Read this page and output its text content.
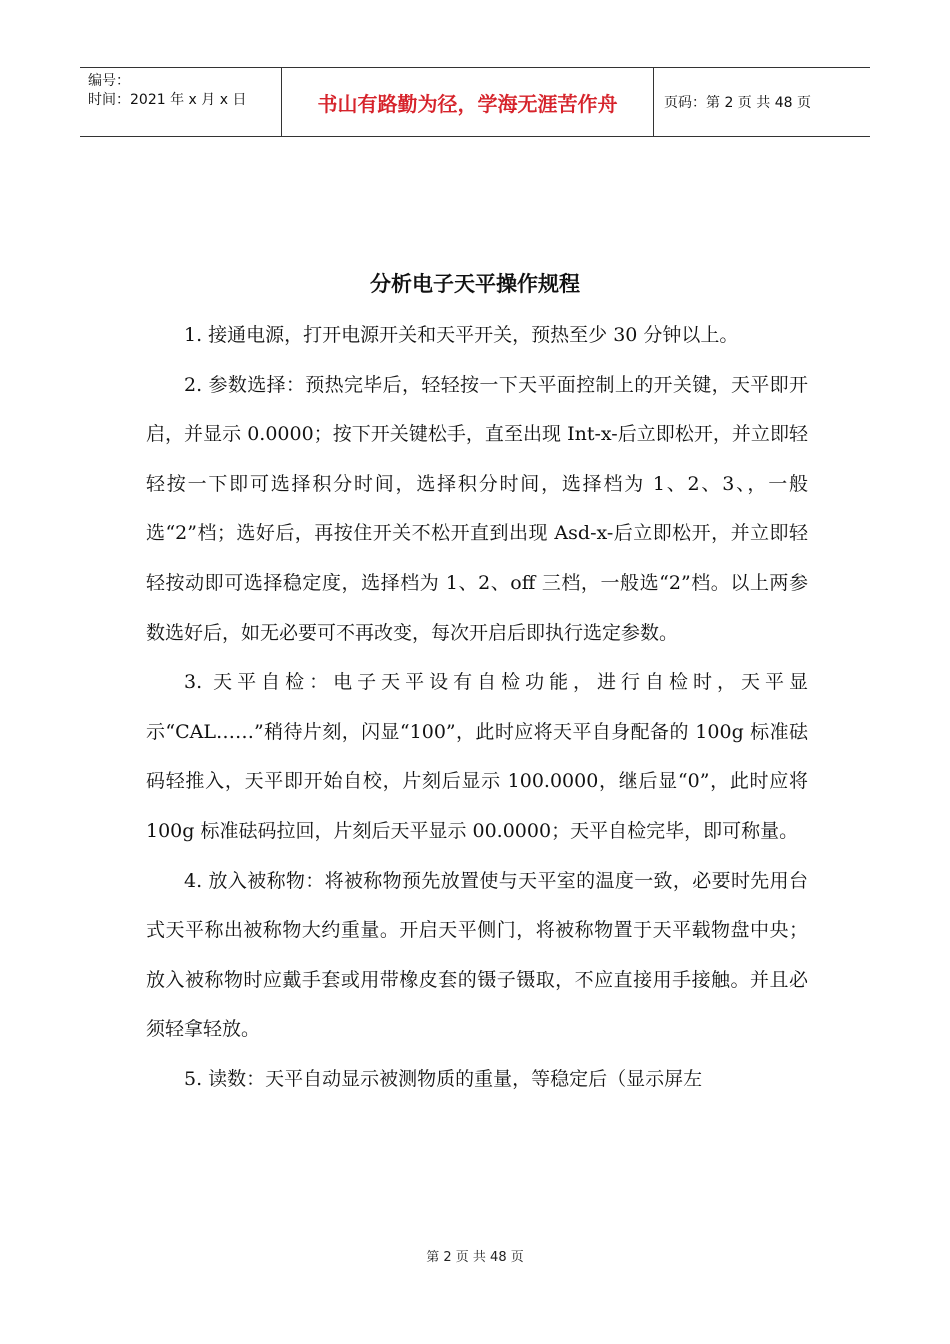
编号：
时间：2021 年 x 月 x 日	书山有路勤为径，学海无涯苦作舟	页码：第 2 页 共 48 页
分析电子天平操作规程

1. 接通电源，打开电源开关和天平开关，预热至少 30 分钟以上。

2. 参数选择：预热完毕后，轻轻按一下天平面控制上的开关键，天平即开启，并显示 0.0000；按下开关键松手，直至出现 Int-x-后立即松开，并立即轻轻按一下即可选择积分时间，选择积分时间，选择档为 1、2、3、，一般选“2”档；选好后，再按住开关不松开直到出现 Asd-x-后立即松开，并立即轻轻按动即可选择稳定度，选择档为 1、2、off 三档，一般选“2”档。以上两参数选好后，如无必要可不再改变，每次开启后即执行选定参数。

3. 天平自检：电子天平设有自检功能，进行自检时，天平显示“CAL……”稍待片刻，闪显“100”，此时应将天平自身配备的 100g 标准砝码轻推入，天平即开始自校，片刻后显示 100.0000，继后显“0”，此时应将 100g 标准砝码拉回，片刻后天平显示 00.0000；天平自检完毕，即可称量。

4. 放入被称物：将被称物预先放置使与天平室的温度一致，必要时先用台式天平称出被称物大约重量。开启天平侧门，将被称物置于天平载物盘中央；放入被称物时应戴手套或用带橡皮套的镊子镊取，不应直接用手接触。并且必须轻拿轻放。

5. 读数：天平自动显示被测物质的重量，等稳定后（显示屏左

第 2 页 共 48 页
